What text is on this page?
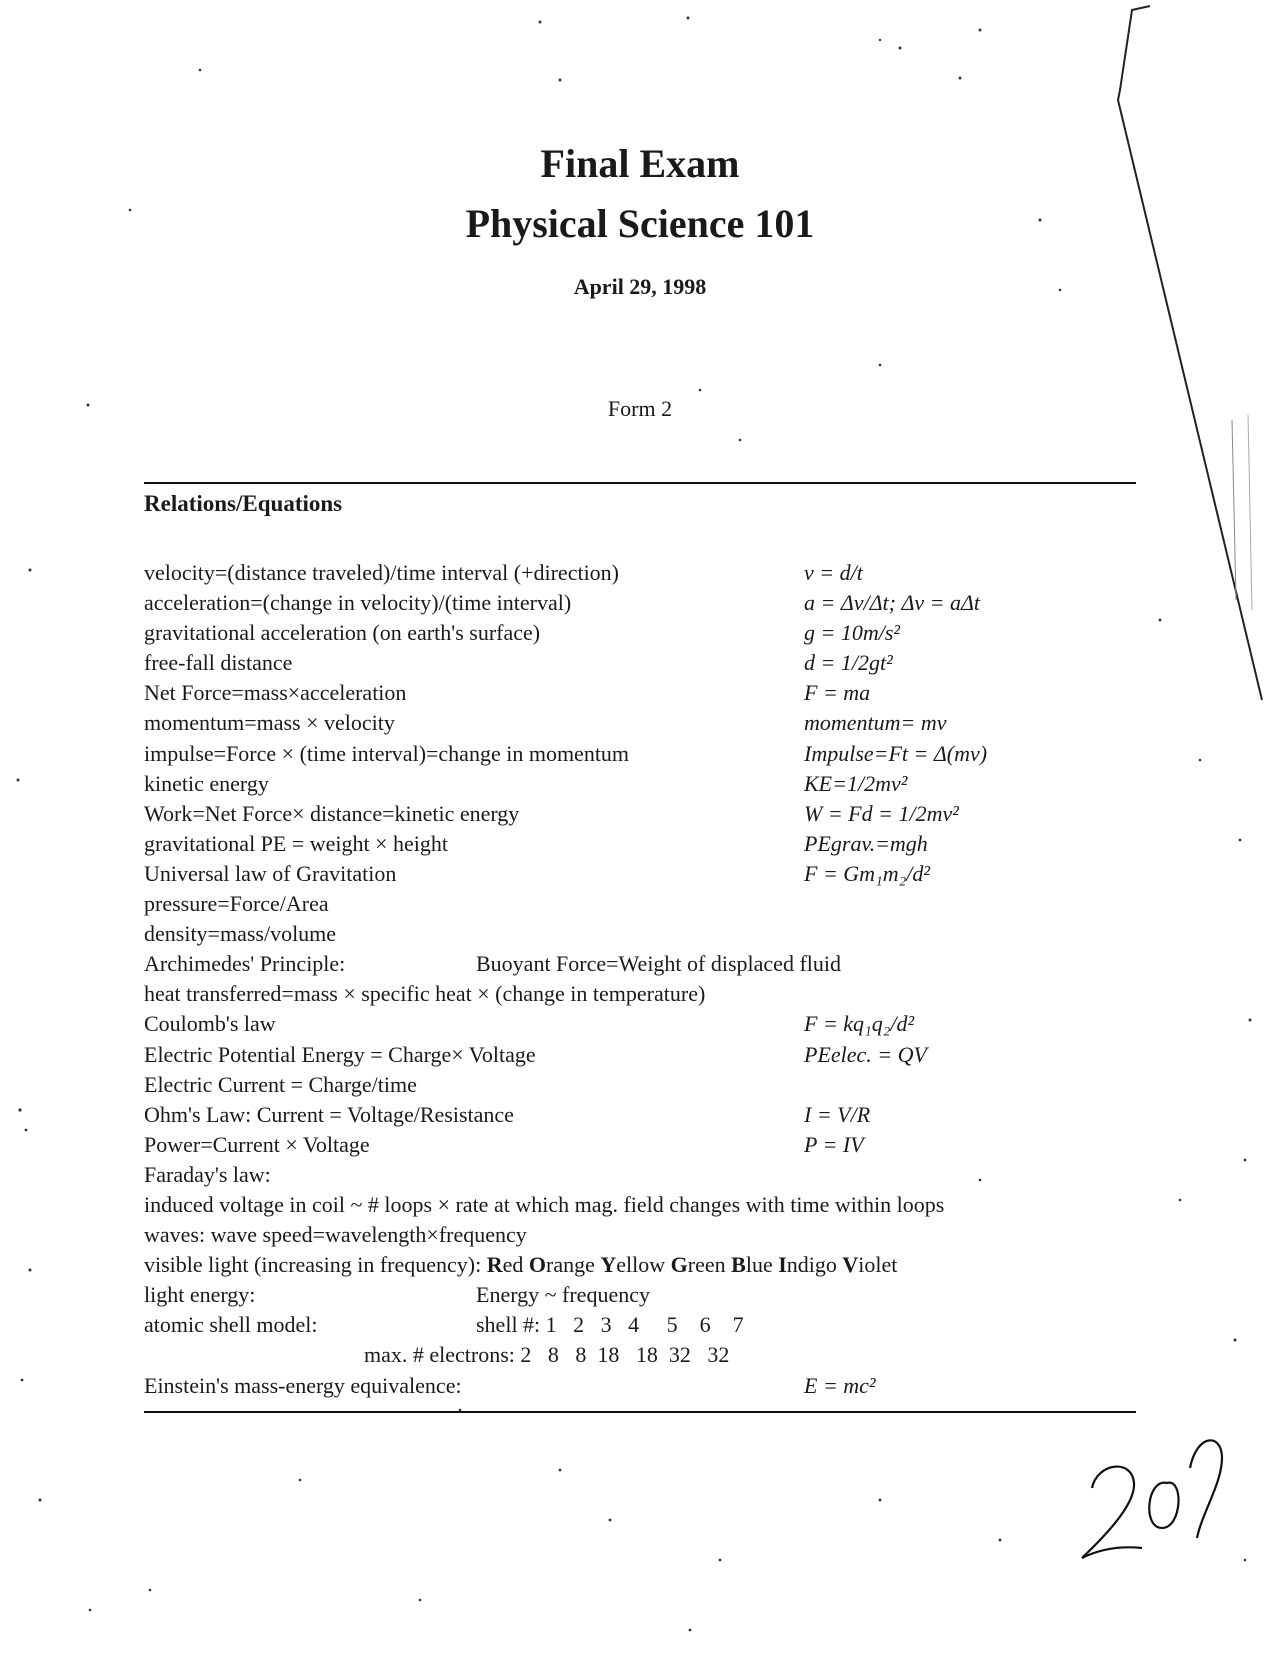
Final Exam
Physical Science 101
April 29, 1998
Form 2
Relations/Equations
velocity=(distance traveled)/time interval (+direction)	v = d/t
acceleration=(change in velocity)/(time interval)	a = Δv/Δt; Δv = aΔt
gravitational acceleration (on earth's surface)	g = 10m/s²
free-fall distance	d = 1/2gt²
Net Force=mass×acceleration	F = ma
momentum=mass × velocity	momentum= mv
impulse=Force × (time interval)=change in momentum	Impulse=Ft = Δ(mv)
kinetic energy	KE=1/2mv²
Work=Net Force× distance=kinetic energy	W = Fd = 1/2mv²
gravitational PE = weight × height	PEgrav.=mgh
Universal law of Gravitation	F = Gm₁m₂/d²
pressure=Force/Area
density=mass/volume
Archimedes' Principle:	Buoyant Force=Weight of displaced fluid
heat transferred=mass × specific heat × (change in temperature)
Coulomb's law	F = kq₁q₂/d²
Electric Potential Energy = Charge× Voltage	PEelec. = QV
Electric Current = Charge/time
Ohm's Law: Current = Voltage/Resistance	I = V/R
Power=Current × Voltage	P = IV
Faraday's law:
induced voltage in coil ~ # loops × rate at which mag. field changes with time within loops
waves: wave speed=wavelength×frequency
visible light (increasing in frequency): Red Orange Yellow Green Blue Indigo Violet
light energy:	Energy ~ frequency
atomic shell model:	shell #: 1 2 3 4 5 6 7
max. # electrons: 2 8 8 18 18 32 32
Einstein's mass-energy equivalence:	E = mc²
